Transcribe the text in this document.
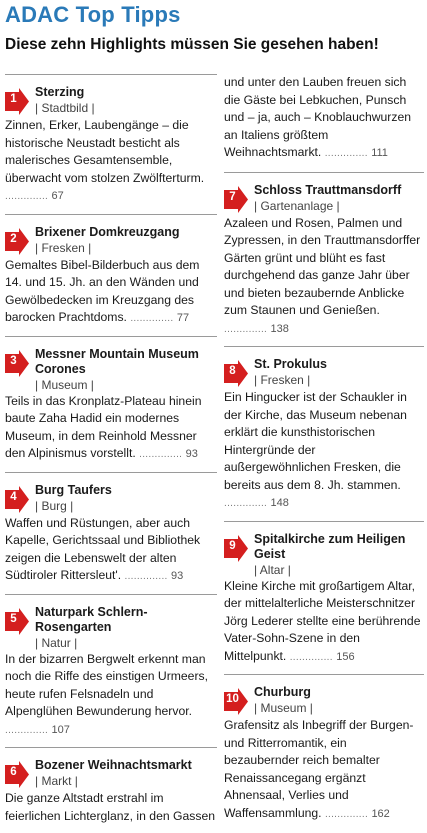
ADAC Top Tipps
Diese zehn Highlights müssen Sie gesehen haben!
1	Sterzing
| Stadtbild |

Zinnen, Erker, Laubengänge – die historische Neustadt besticht als malerisches Gesamtensemble, überwacht vom stolzen Zwölfterturm. .............. 67

2	Brixener Domkreuzgang
| Fresken |

Gemaltes Bibel-Bilderbuch aus dem 14. und 15. Jh. an den Wänden und Gewölbedecken im Kreuzgang des barocken Prachtdoms. .............. 77

3	Messner Mountain Museum Corones
| Museum |

Teils in das Kronplatz-Plateau hinein baute Zaha Hadid ein modernes Museum, in dem Reinhold Messner den Alpinismus vorstellt. .............. 93

4	Burg Taufers
| Burg |

Waffen und Rüstungen, aber auch Kapelle, Gerichtssaal und Bibliothek zeigen die Lebenswelt der alten Südtiroler Rittersleut'. .............. 93

5	Naturpark Schlern-Rosengarten
| Natur |

In der bizarren Bergwelt erkennt man noch die Riffe des einstigen Urmeers, heute rufen Felsnadeln und Alpenglühen Bewunderung hervor. .............. 107

6	Bozener Weihnachtsmarkt
| Markt |

Die ganze Altstadt erstrahl im feierlichen Lichterglanz, in den Gassen

und unter den Lauben freuen sich die Gäste bei Lebkuchen, Punsch und – ja, auch – Knoblauchwurzen an Italiens größtem Weihnachtsmarkt. .............. 111

7	Schloss Trauttmansdorff
| Gartenanlage |

Azaleen und Rosen, Palmen und Zypressen, in den Trauttmansdorffer Gärten grünt und blüht es fast durchgehend das ganze Jahr über und bieten bezaubernde Anblicke zum Staunen und Genießen. .............. 138

8	St. Prokulus
| Fresken |

Ein Hingucker ist der Schaukler in der Kirche, das Museum nebenan erklärt die kunsthistorischen Hintergründe der außergewöhnlichen Fresken, die bereits aus dem 8. Jh. stammen. .............. 148

9	Spitalkirche zum Heiligen Geist
| Altar |

Kleine Kirche mit großartigem Altar, der mittelalterliche Meisterschnitzer Jörg Lederer stellte eine berührende Vater-Sohn-Szene in den Mittelpunkt. .............. 156

10 Churburg
| Museum |

Grafensitz als Inbegriff der Burgen- und Ritterromantik, ein bezaubernder reich bemalter Renaissancegang ergänzt Ahnensaal, Verlies und Waffensammlung. .............. 162
